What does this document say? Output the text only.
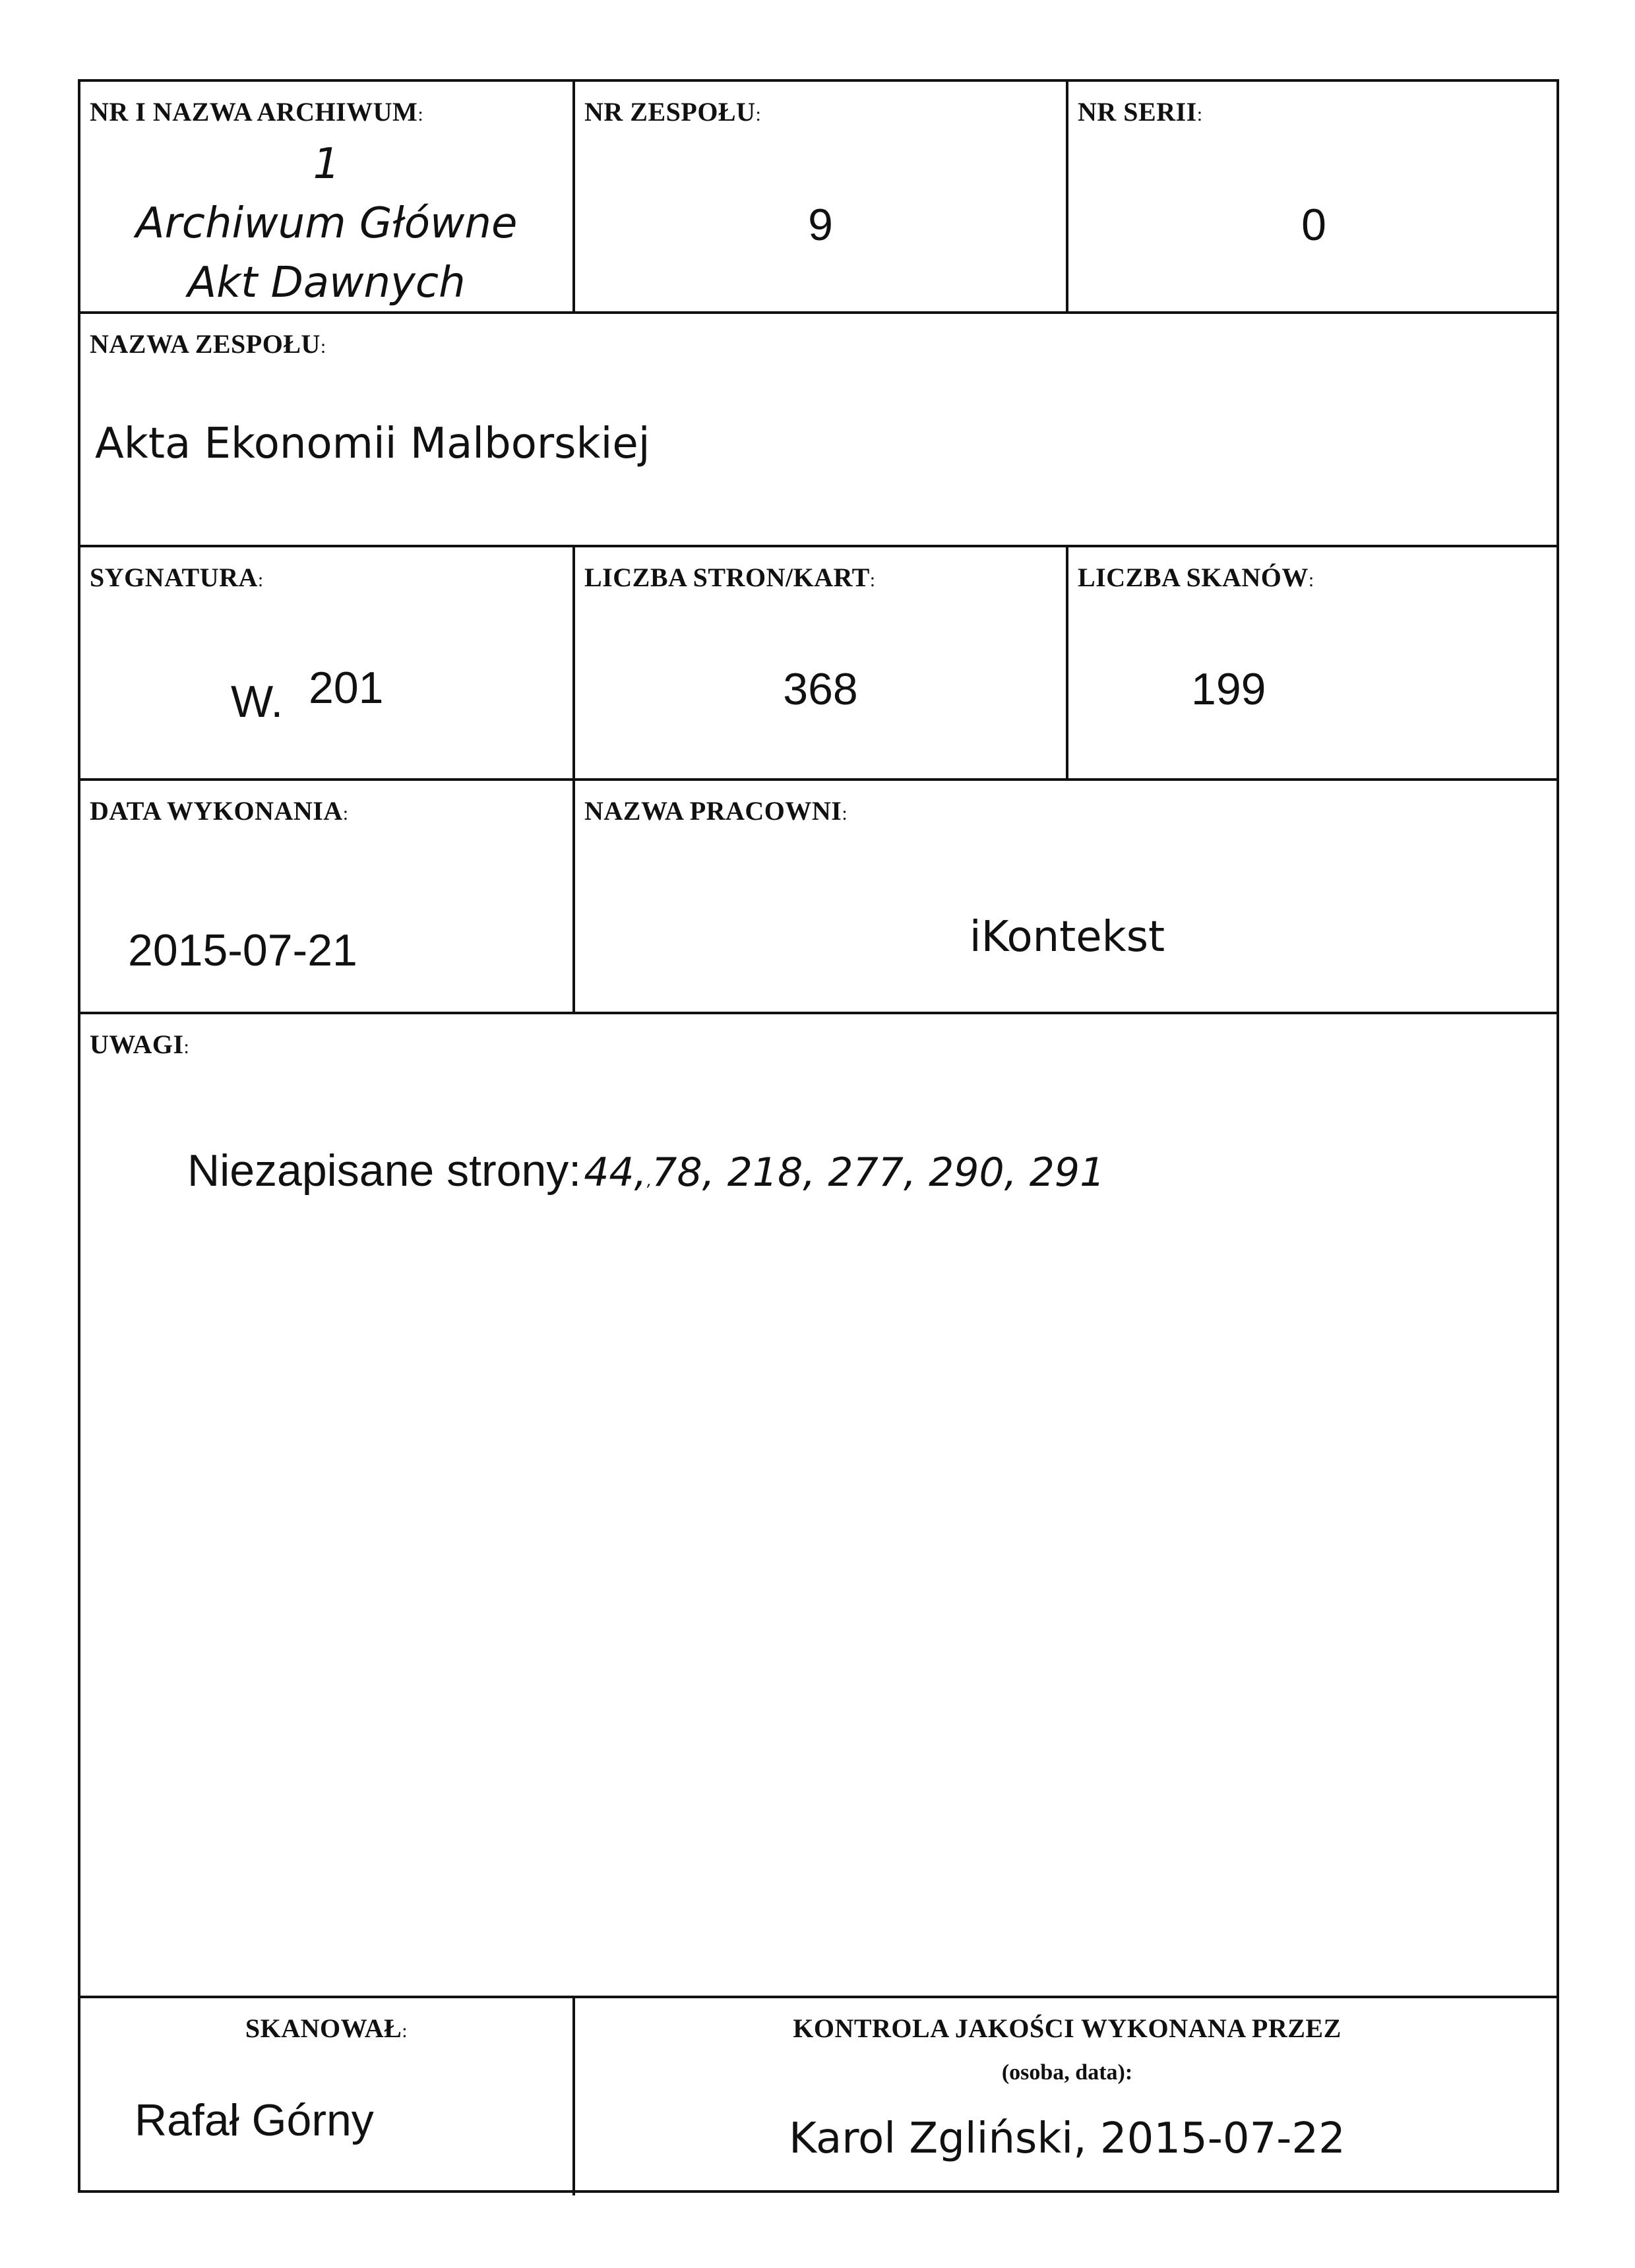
NR I NAZWA ARCHIWUM:
1
Archiwum Główne
Akt Dawnych
NR ZESPOŁU:
9
NR SERII:
0
NAZWA ZESPOŁU:
Akta Ekonomii Malborskiej
SYGNATURA:
W. 201
LICZBA STRON/KART:
368
LICZBA SKANÓW:
199
DATA WYKONANIA:
2015-07-21
NAZWA PRACOWNI:
iKontekst
UWAGI:
Niezapisane strony: 44,,78, 218, 277, 290, 291
SKANOWAŁ:
Rafał Górny
KONTROLA JAKOŚCI WYKONANA PRZEZ
(osoba, data):
Karol Zgliński, 2015-07-22
